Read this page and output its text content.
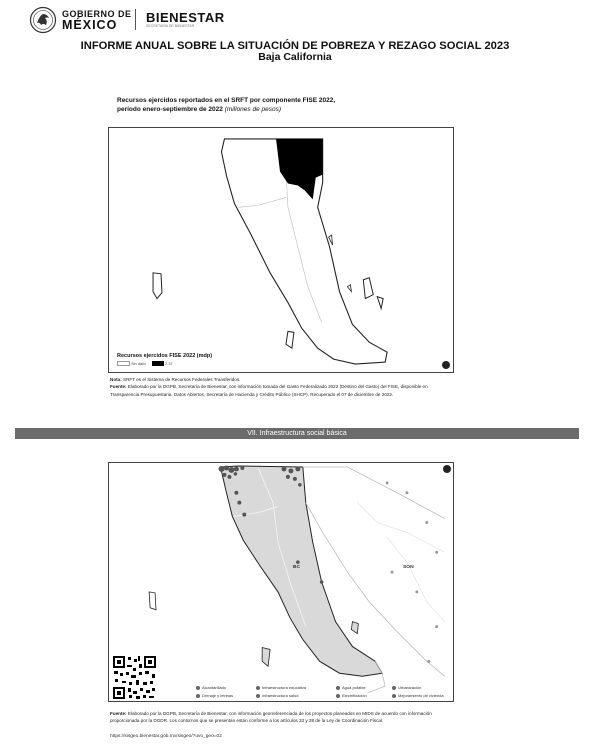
GOBIERNO DE
MÉXICO BIENESTAR
SECRETARÍA DE BIENESTAR
INFORME ANUAL SOBRE LA SITUACIÓN DE POBREZA Y REZAGO SOCIAL 2023
Baja California
Recursos ejercidos reportados en el SRFT por componente FISE 2022,
período enero-septiembre de 2022 (millones de pesos)
Recursos ejercidos FISE 2022 (mdp)
Sin dato	2.37
Nota: SRFT es el Sistema de Recursos Federales Transferidos.
Fuente: Elaborado por la DGPB, Secretaría de Bienestar, con información tomada del Gasto Federalizado 2022 (Destino del Gasto) del FISE, disponible en Transparencia Presupuestaria, Datos Abiertos, Secretaría de Hacienda y Crédito Público (SHCP). Recuperado el 07 de diciembre de 2022.
VII. Infraestructura social básica
BC	SON
Alcantarillado	Infraestructura educativa	Agua potable	Urbanización
Drenaje y letrinas	Infraestructura salud	Electrificación	Mejoramiento de vivienda
Fuente: Elaborado por la DGPB, Secretaría de Bienestar, con información georreferenciada de los proyectos planeados en MIDS de acuerdo con información proporcionada por la DGDR. Los contornos que se presentan están conforme a los artículos 33 y 38 de la Ley de Coordinación Fiscal.
https://sisgeo.bienestar.gob.mx/sisgeo/?uvo_geo=02
